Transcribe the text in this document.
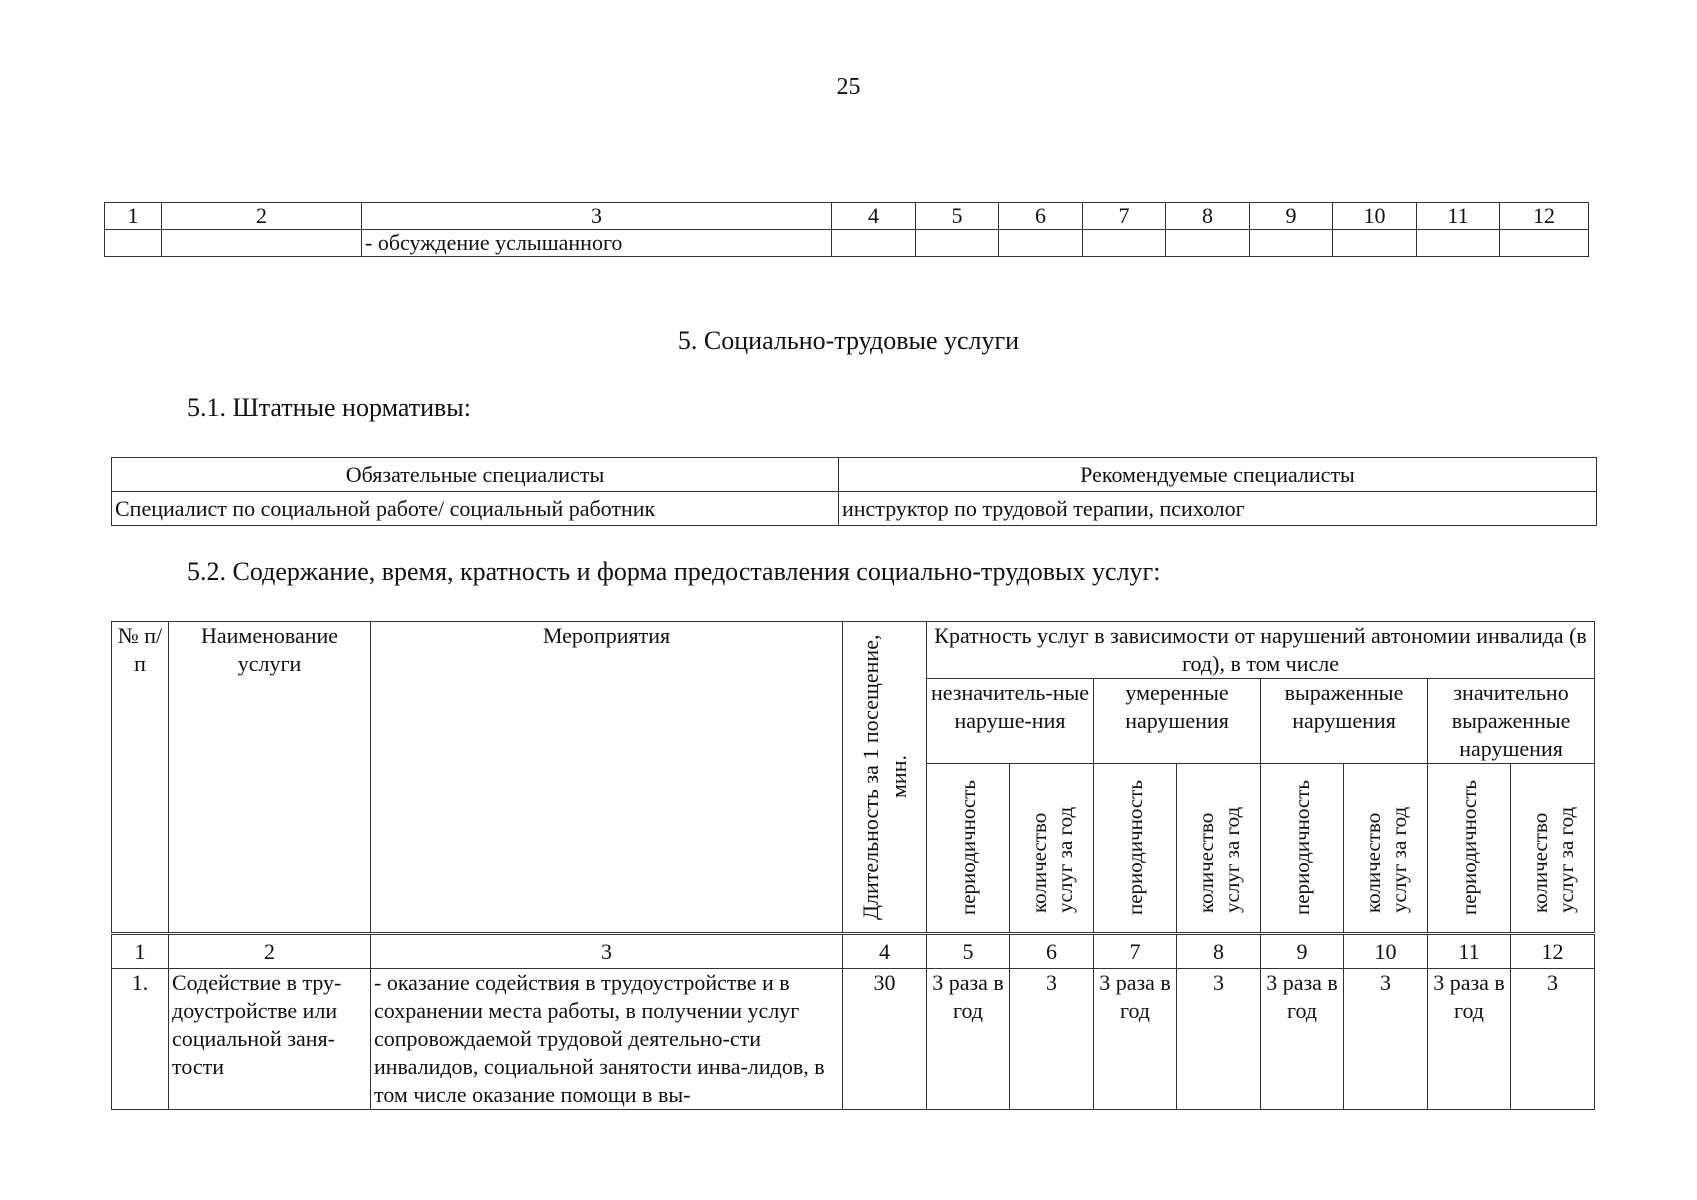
25
1	2	3	4	5	6	7	8	9	10	11	12
		- обсуждение услышанного									
5. Социально-трудовые услуги
5.1. Штатные нормативы:
Обязательные специалисты	Рекомендуемые специалисты
Специалист по социальной работе/ социальный работник	инструктор по трудовой терапии, психолог
5.2. Содержание, время, кратность и форма предоставления социально-трудовых услуг:
№ п/п	Наименование услуги	Мероприятия	Длительность за 1 посещение, мин.	Кратность услуг в зависимости от нарушений автономии инвалида (в год), в том числе							
				незначитель-ные наруше-ния		умеренные нарушения		выраженные нарушения		значительно выраженные нарушения	

				периодичность	количество услуг за год	периодичность	количество услуг за год	периодичность	количество услуг за год	периодичность	количество услуг за год

1	2	3	4	5	6	7	8	9	10	11	12
1.	Содействие в тру-доустройстве или социальной заня-тости	- оказание содействия в трудоустройстве и в сохранении места работы, в получении услуг сопровождаемой трудовой деятельно-сти инвалидов, социальной занятости инва-лидов, в том числе оказание помощи в вы-	30	3 раза в год	3	3 раза в год	3	3 раза в год	3	3 раза в год	3
